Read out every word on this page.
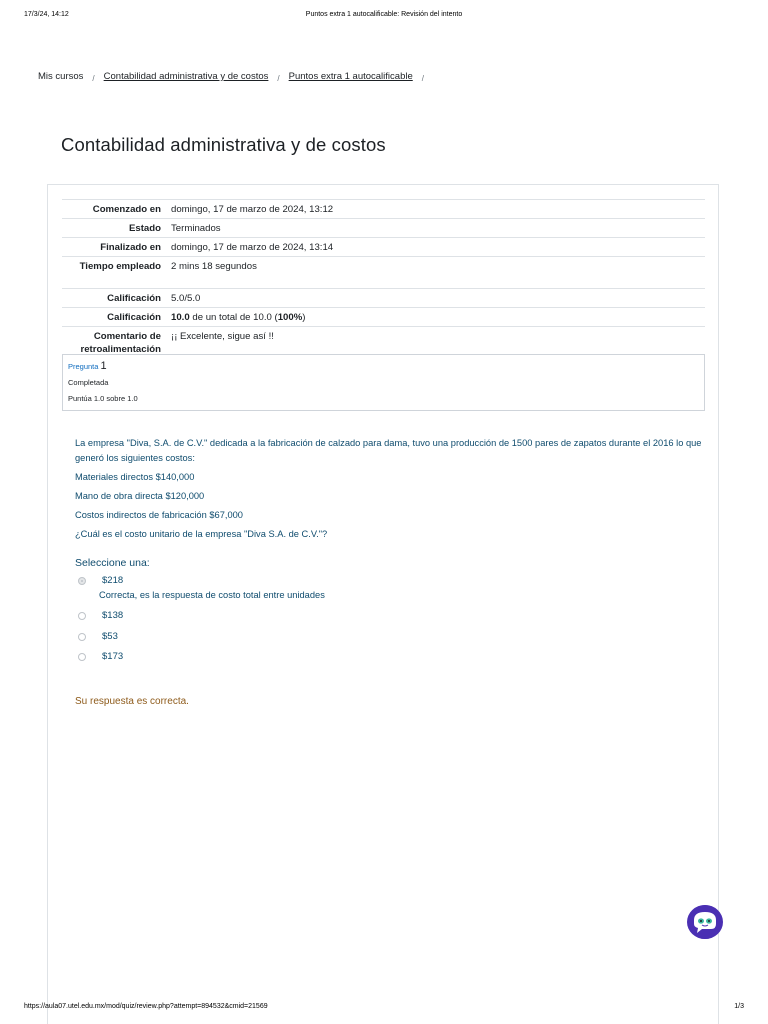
17/3/24, 14:12	Puntos extra 1 autocalificable: Revisión del intento
Mis cursos / Contabilidad administrativa y de costos / Puntos extra 1 autocalificable /
Contabilidad administrativa y de costos
Comenzado en	domingo, 17 de marzo de 2024, 13:12
Estado	Terminados
Finalizado en	domingo, 17 de marzo de 2024, 13:14
Tiempo empleado	2 mins 18 segundos
Calificación	5.0/5.0
Calificación	10.0 de un total de 10.0 (100%)
Comentario de retroalimentación	¡¡ Excelente, sigue así !!
Pregunta 1
Completada
Puntúa 1.0 sobre 1.0

La empresa "Diva, S.A. de C.V." dedicada a la fabricación de calzado para dama, tuvo una producción de 1500 pares de zapatos durante el 2016 lo que generó los siguientes costos:

Materiales directos $140,000

Mano de obra directa $120,000

Costos indirectos de fabricación $67,000

¿Cuál es el costo unitario de la empresa "Diva S.A. de C.V."?

Seleccione una:
$218
Correcta, es la respuesta de costo total entre unidades
$138
$53
$173
Su respuesta es correcta.
https://aula07.utel.edu.mx/mod/quiz/review.php?attempt=894532&cmid=21569	1/3
